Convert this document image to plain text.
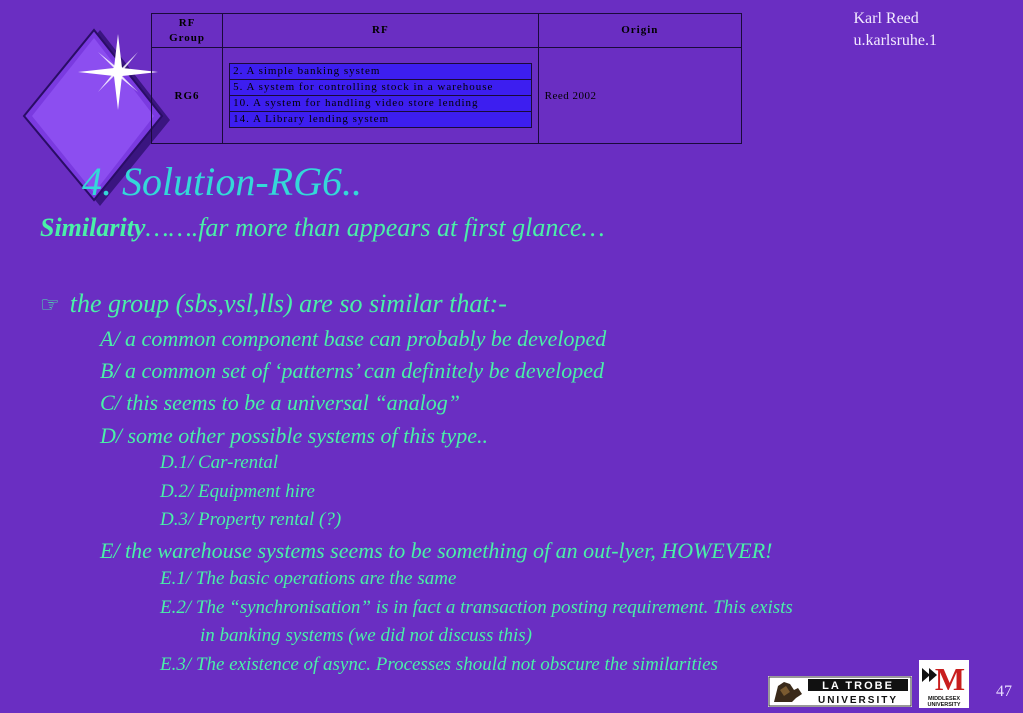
RF
Group	RF	Origin
RG6	2. A simple banking system
5. A system for controlling stock in a warehouse
10. A system for handling video store lending
14. A Library lending system	Reed 2002
Karl Reed
u.karlsruhe.1
4. Solution-RG6..
Similarity…….far more than appears at first glance…
☞ the group (sbs,vsl,lls) are so similar that:-
A/ a common component base can probably be developed
B/ a common set of ‘patterns’ can definitely be developed
C/ this seems to be a universal “analog”
D/ some other possible systems of this type..
D.1/ Car-rental
D.2/ Equipment hire
D.3/ Property rental (?)
E/ the warehouse systems seems to be something of an out-lyer, HOWEVER!
E.1/ The basic operations are the same
E.2/ The “synchronisation” is in fact a transaction posting requirement. This exists
in banking systems (we did not discuss this)
E.3/ The existence of async. Processes should not obscure the similarities
LA TROBE
UNIVERSITY
M
MIDDLESEX
UNIVERSITY
47
